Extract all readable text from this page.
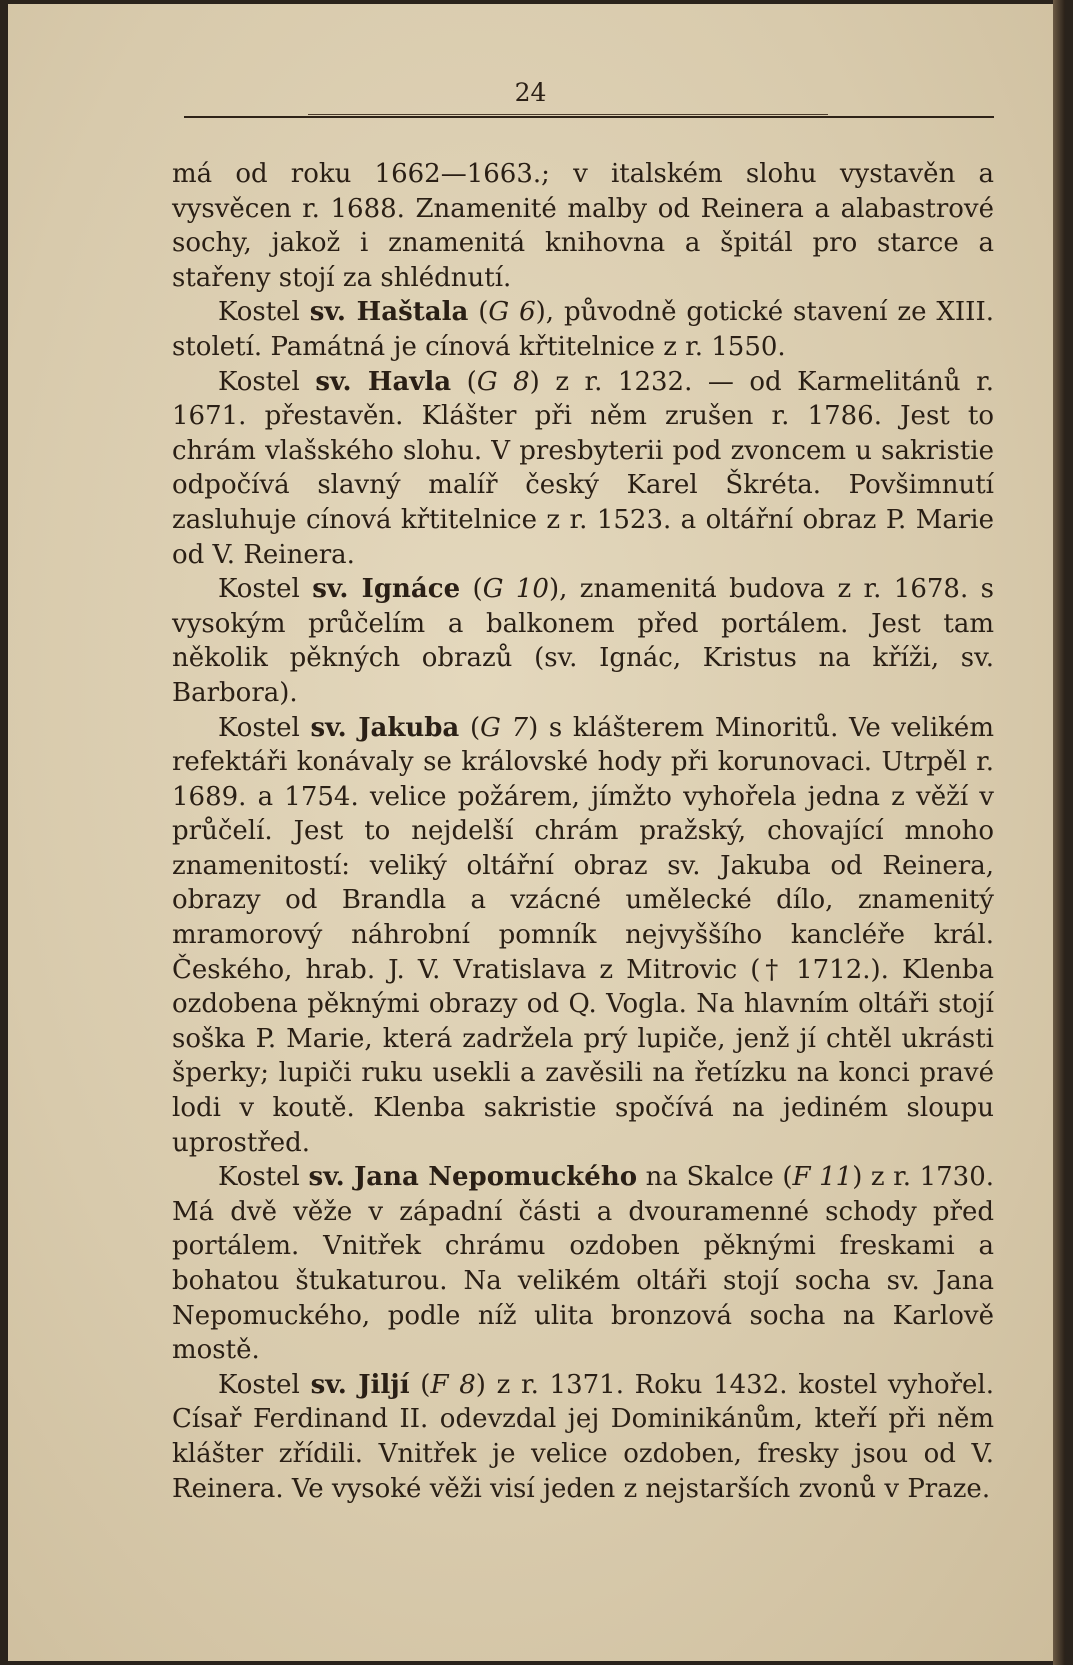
24

má od roku 1662—1663.; v italském slohu vystavěn a vysvěcen r. 1688. Znamenité malby od Reinera a alabastrové sochy, jakož i znamenitá knihovna a špitál pro starce a stařeny stojí za shlédnutí.

Kostel sv. Haštala (G 6), původně gotické stavení ze XIII. století. Památná je cínová křtitelnice z r. 1550.

Kostel sv. Havla (G 8) z r. 1232. — od Karmelitánů r. 1671. přestavěn. Klášter při něm zrušen r. 1786. Jest to chrám vlašského slohu. V presbyterii pod zvoncem u sakristie odpočívá slavný malíř český Karel Škréta. Povšimnutí zasluhuje cínová křtitelnice z r. 1523. a oltářní obraz P. Marie od V. Reinera.

Kostel sv. Ignáce (G 10), znamenitá budova z r. 1678. s vysokým průčelím a balkonem před portálem. Jest tam několik pěkných obrazů (sv. Ignác, Kristus na kříži, sv. Barbora).

Kostel sv. Jakuba (G 7) s klášterem Minoritů. Ve velikém refektáři konávaly se královské hody při korunovaci. Utrpěl r. 1689. a 1754. velice požárem, jímžto vyhořela jedna z věží v průčelí. Jest to nejdelší chrám pražský, chovající mnoho znamenitostí: veliký oltářní obraz sv. Jakuba od Reinera, obrazy od Brandla a vzácné umělecké dílo, znamenitý mramorový náhrobní pomník nejvyššího kancléře král. Českého, hrab. J. V. Vratislava z Mitrovic († 1712.). Klenba ozdobena pěknými obrazy od Q. Vogla. Na hlavním oltáři stojí soška P. Marie, která zadržela prý lupiče, jenž jí chtěl ukrásti šperky; lupiči ruku usekli a zavěsili na řetízku na konci pravé lodi v koutě. Klenba sakristie spočívá na jediném sloupu uprostřed.

Kostel sv. Jana Nepomuckého na Skalce (F 11) z r. 1730. Má dvě věže v západní části a dvouramenné schody před portálem. Vnitřek chrámu ozdoben pěknými freskami a bohatou štukaturou. Na velikém oltáři stojí socha sv. Jana Nepomuckého, podle níž ulita bronzová socha na Karlově mostě.

Kostel sv. Jiljí (F 8) z r. 1371. Roku 1432. kostel vyhořel. Císař Ferdinand II. odevzdal jej Dominikánům, kteří při něm klášter zřídili. Vnitřek je velice ozdoben, fresky jsou od V. Reinera. Ve vysoké věži visí jeden z nejstarších zvonů v Praze.
